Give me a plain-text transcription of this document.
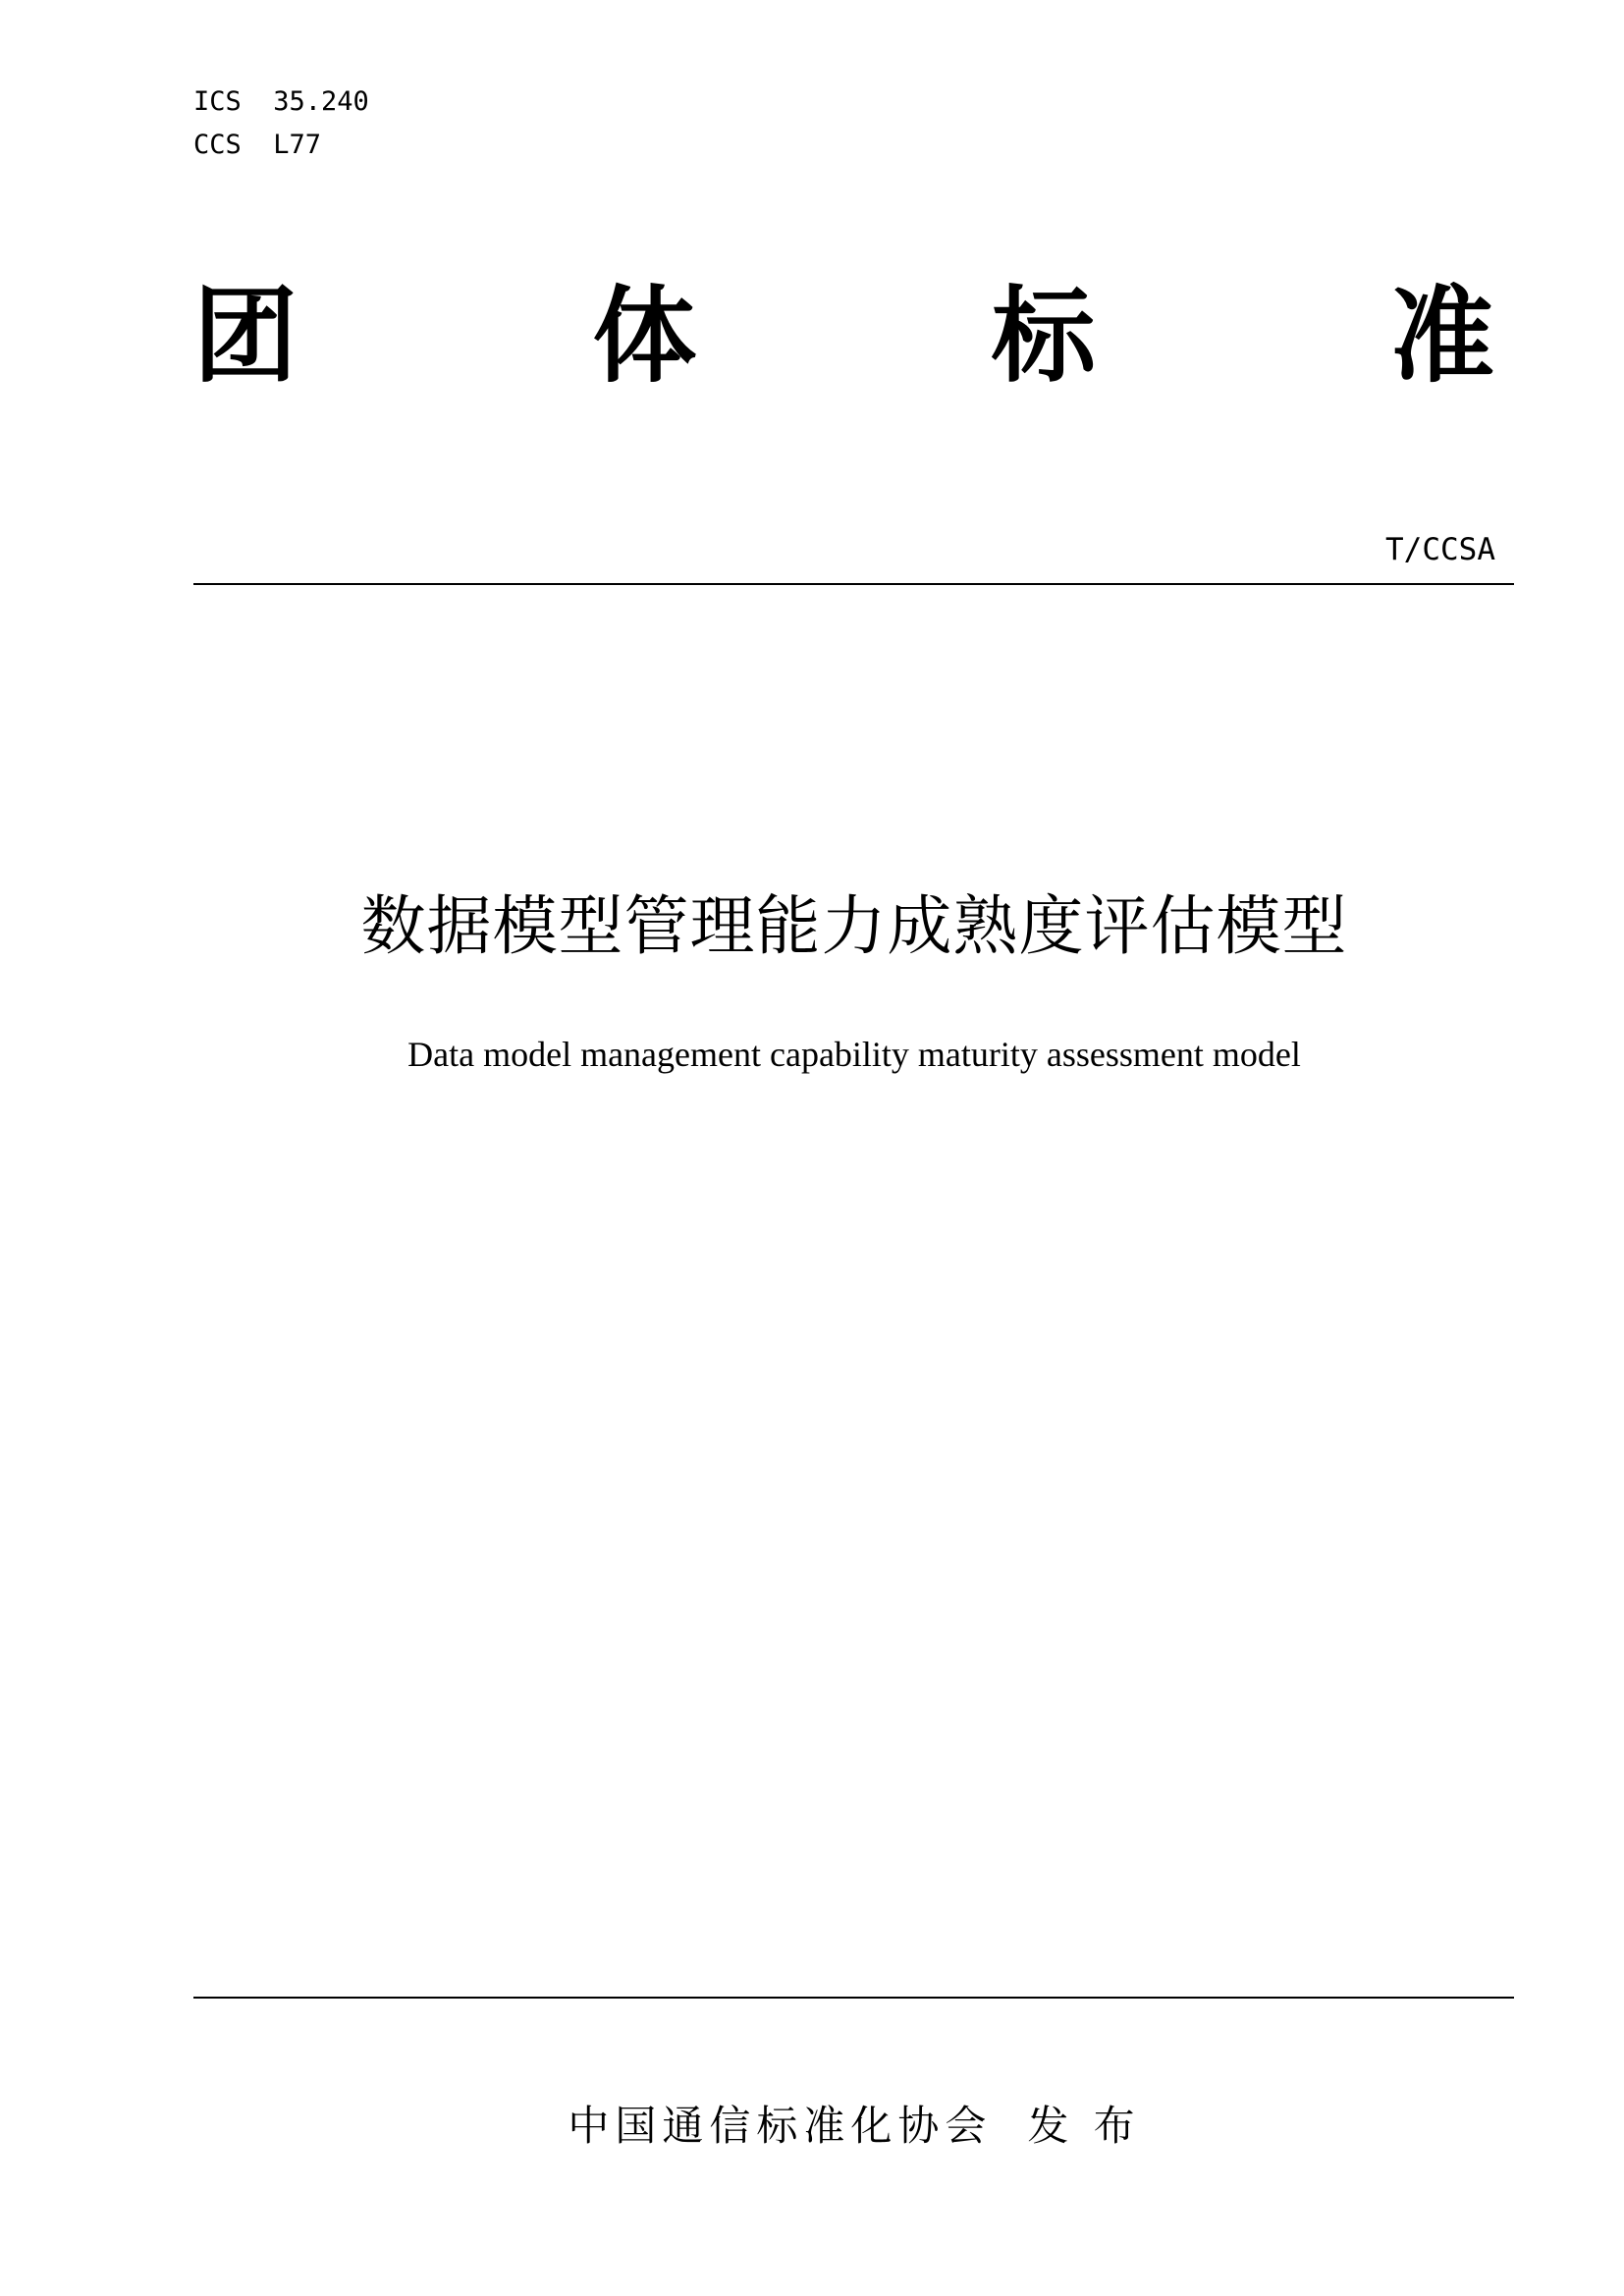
ICS  35.240
CCS  L77
团	体	标	准
T/CCSA
数据模型管理能力成熟度评估模型
Data model management capability maturity assessment model
中国通信标准化协会 发 布
